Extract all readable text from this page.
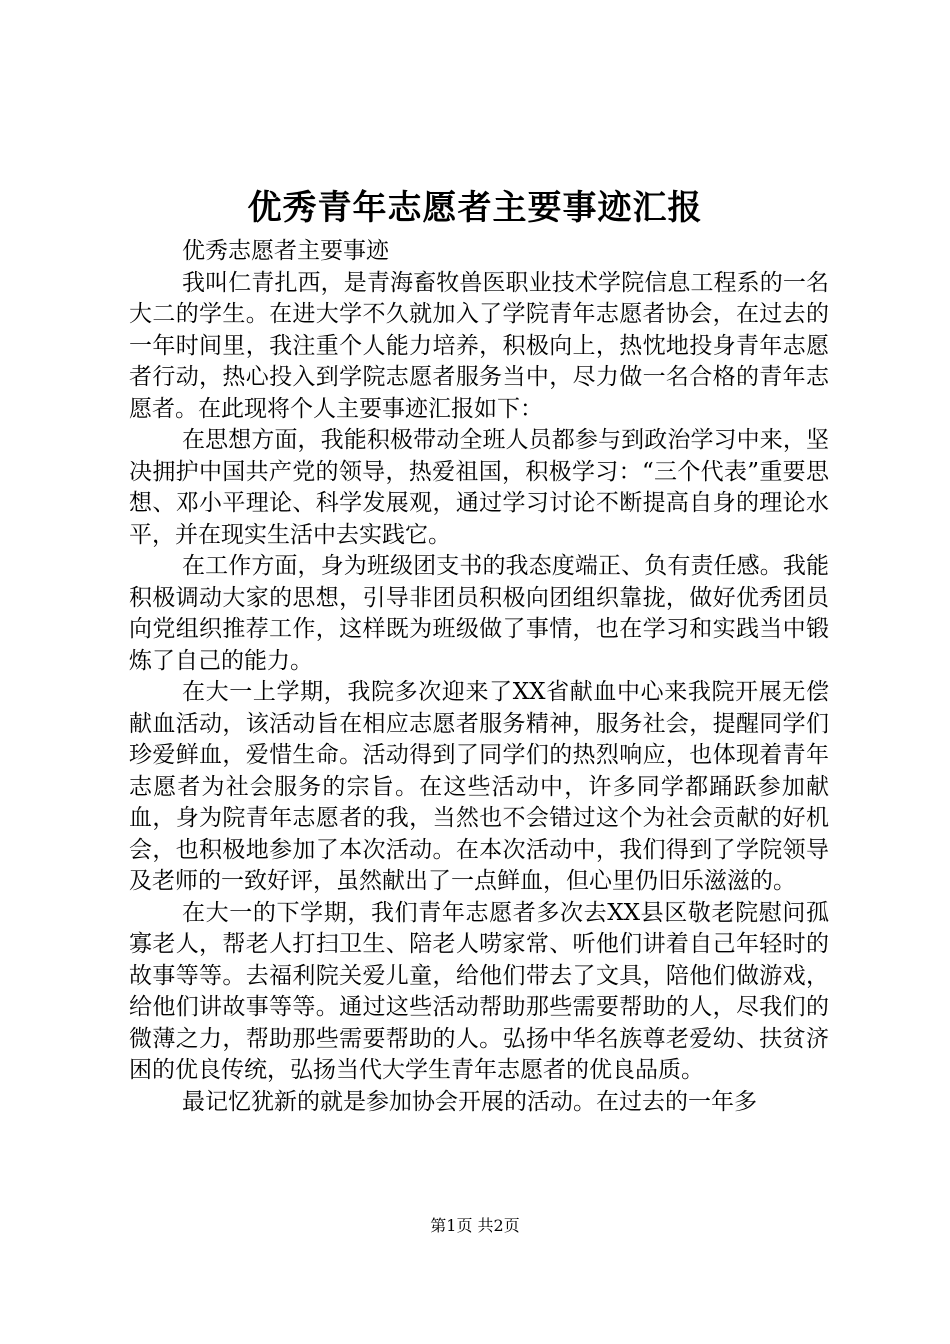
优秀青年志愿者主要事迹汇报

优秀志愿者主要事迹

我叫仁青扎西，是青海畜牧兽医职业技术学院信息工程系的一名大二的学生。在进大学不久就加入了学院青年志愿者协会，在过去的一年时间里，我注重个人能力培养，积极向上，热忱地投身青年志愿者行动，热心投入到学院志愿者服务当中，尽力做一名合格的青年志愿者。在此现将个人主要事迹汇报如下：

在思想方面，我能积极带动全班人员都参与到政治学习中来，坚决拥护中国共产党的领导，热爱祖国，积极学习：“三个代表”重要思想、邓小平理论、科学发展观，通过学习讨论不断提高自身的理论水平，并在现实生活中去实践它。

在工作方面，身为班级团支书的我态度端正、负有责任感。我能积极调动大家的思想，引导非团员积极向团组织靠拢，做好优秀团员向党组织推荐工作，这样既为班级做了事情，也在学习和实践当中锻炼了自己的能力。

在大一上学期，我院多次迎来了XX省献血中心来我院开展无偿献血活动，该活动旨在相应志愿者服务精神，服务社会，提醒同学们珍爱鲜血，爱惜生命。活动得到了同学们的热烈响应，也体现着青年志愿者为社会服务的宗旨。在这些活动中，许多同学都踊跃参加献血，身为院青年志愿者的我，当然也不会错过这个为社会贡献的好机会，也积极地参加了本次活动。在本次活动中，我们得到了学院领导及老师的一致好评，虽然献出了一点鲜血，但心里仍旧乐滋滋的。

在大一的下学期，我们青年志愿者多次去XX县区敬老院慰问孤寡老人，帮老人打扫卫生、陪老人唠家常、听他们讲着自己年轻时的故事等等。去福利院关爱儿童，给他们带去了文具，陪他们做游戏，给他们讲故事等等。通过这些活动帮助那些需要帮助的人，尽我们的微薄之力，帮助那些需要帮助的人。弘扬中华名族尊老爱幼、扶贫济困的优良传统，弘扬当代大学生青年志愿者的优良品质。

最记忆犹新的就是参加协会开展的活动。在过去的一年多

第1页 共2页
